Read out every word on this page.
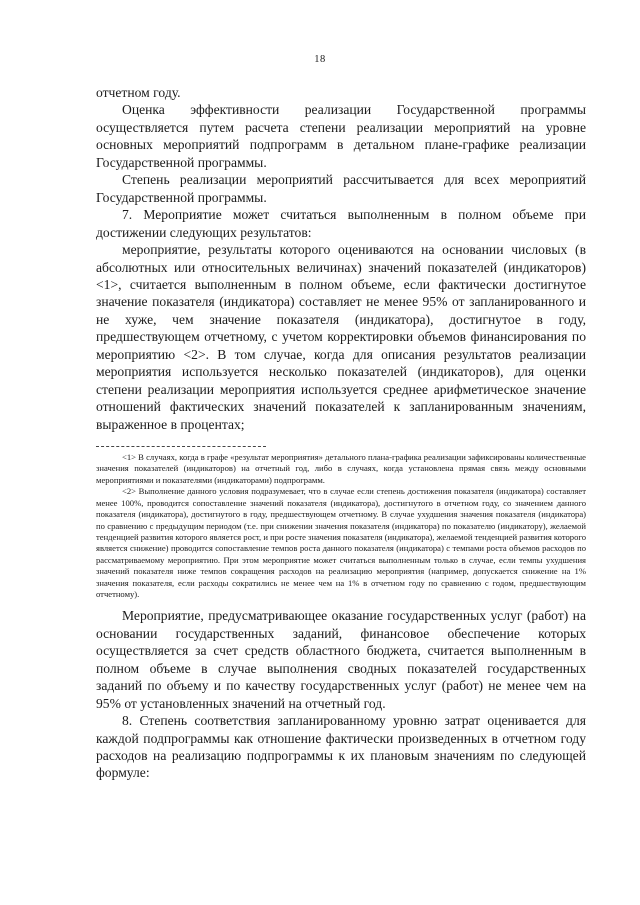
18

отчетном году.

Оценка эффективности реализации Государственной программы осуществляется путем расчета степени реализации мероприятий на уровне основных мероприятий подпрограмм в детальном плане-графике реализации Государственной программы.

Степень реализации мероприятий рассчитывается для всех мероприятий Государственной программы.

7. Мероприятие может считаться выполненным в полном объеме при достижении следующих результатов:

мероприятие, результаты которого оцениваются на основании числовых (в абсолютных или относительных величинах) значений показателей (индикаторов) <1>, считается выполненным в полном объеме, если фактически достигнутое значение показателя (индикатора) составляет не менее 95% от запланированного и не хуже, чем значение показателя (индикатора), достигнутое в году, предшествующем отчетному, с учетом корректировки объемов финансирования по мероприятию <2>. В том случае, когда для описания результатов реализации мероприятия используется несколько показателей (индикаторов), для оценки степени реализации мероприятия используется среднее арифметическое значение отношений фактических значений показателей к запланированным значениям, выраженное в процентах;

<1> В случаях, когда в графе «результат мероприятия» детального плана-графика реализации зафиксированы количественные значения показателей (индикаторов) на отчетный год, либо в случаях, когда установлена прямая связь между основными мероприятиями и показателями (индикаторами) подпрограмм.

<2> Выполнение данного условия подразумевает, что в случае если степень достижения показателя (индикатора) составляет менее 100%, проводится сопоставление значений показателя (индикатора), достигнутого в отчетном году, со значением данного показателя (индикатора), достигнутого в году, предшествующем отчетному. В случае ухудшения значения показателя (индикатора) по сравнению с предыдущим периодом (т.е. при снижении значения показателя (индикатора) по показателю (индикатору), желаемой тенденцией развития которого является рост, и при росте значения показателя (индикатора), желаемой тенденцией развития которого является снижение) проводится сопоставление темпов роста данного показателя (индикатора) с темпами роста объемов расходов по рассматриваемому мероприятию. При этом мероприятие может считаться выполненным только в случае, если темпы ухудшения значений показателя ниже темпов сокращения расходов на реализацию мероприятия (например, допускается снижение на 1% значения показателя, если расходы сократились не менее чем на 1% в отчетном году по сравнению с годом, предшествующим отчетному).

Мероприятие, предусматривающее оказание государственных услуг (работ) на основании государственных заданий, финансовое обеспечение которых осуществляется за счет средств областного бюджета, считается выполненным в полном объеме в случае выполнения сводных показателей государственных заданий по объему и по качеству государственных услуг (работ) не менее чем на 95% от установленных значений на отчетный год.

8. Степень соответствия запланированному уровню затрат оценивается для каждой подпрограммы как отношение фактически произведенных в отчетном году расходов на реализацию подпрограммы к их плановым значениям по следующей формуле:
